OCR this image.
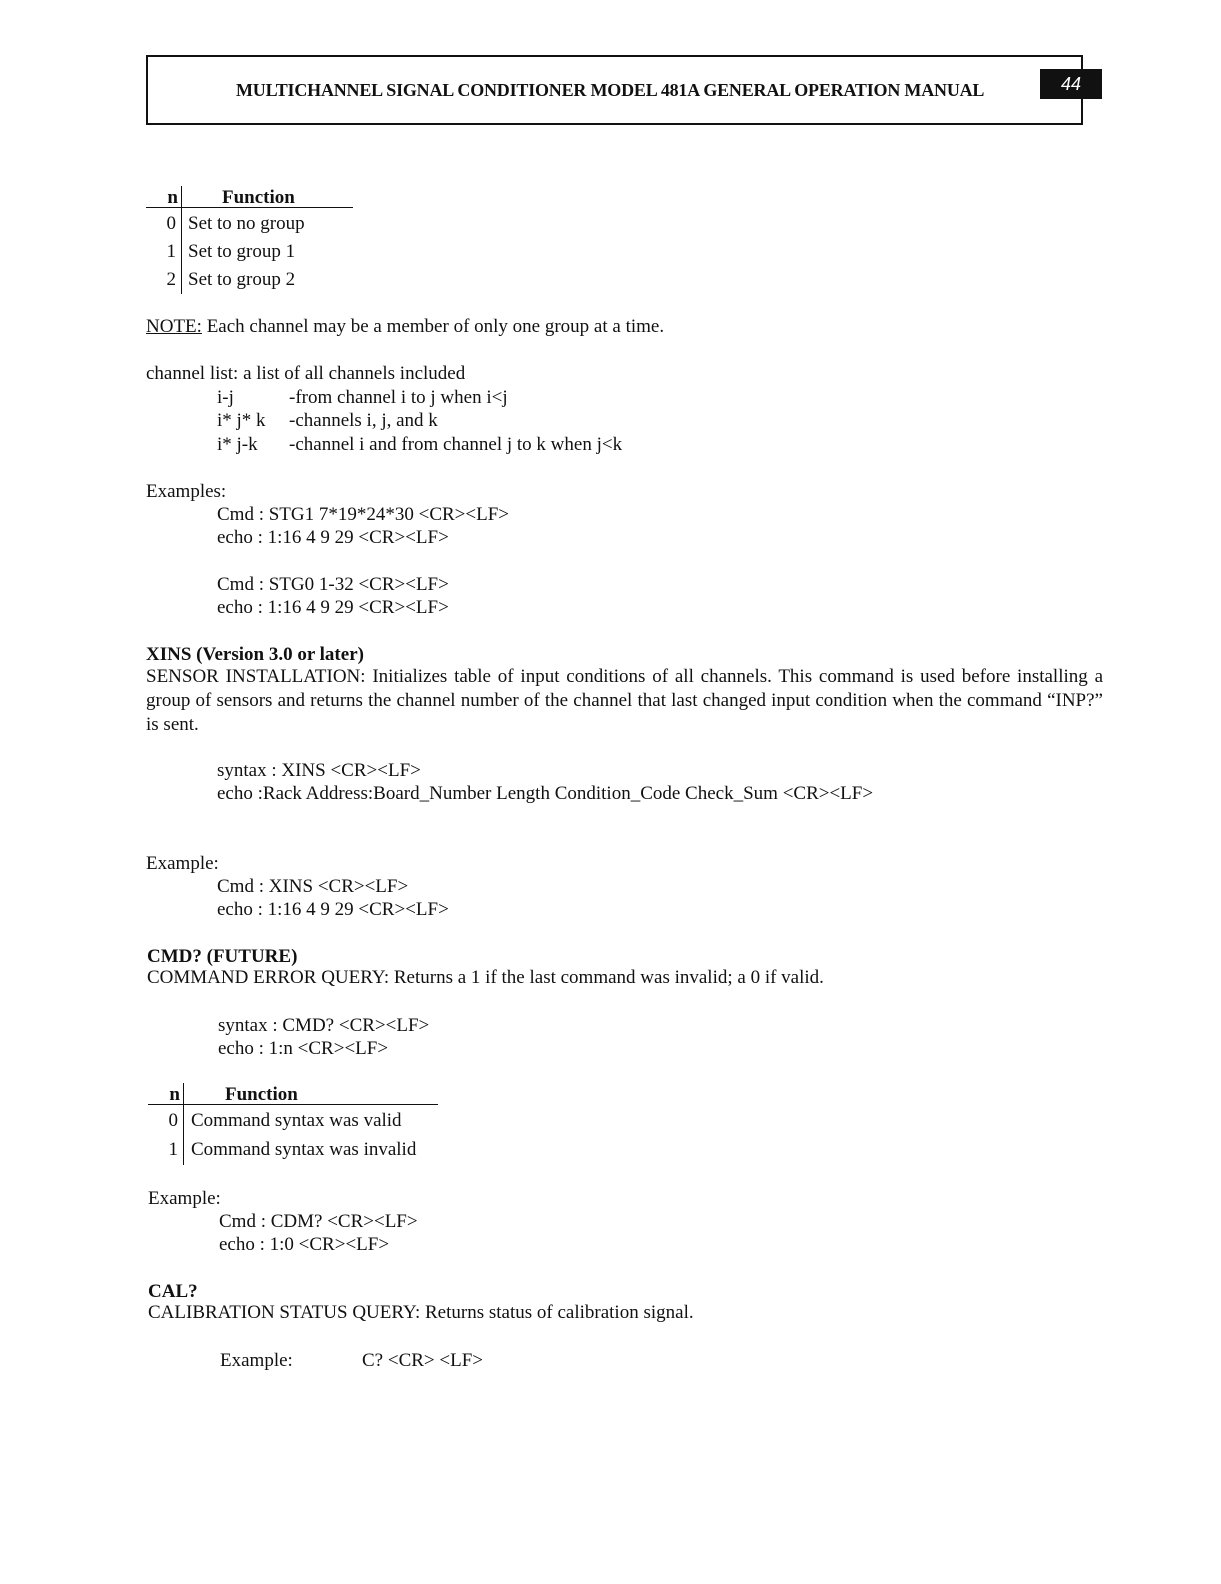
MULTICHANNEL SIGNAL CONDITIONER MODEL 481A GENERAL OPERATION MANUAL	44
n Function
0 Set to no group
1 Set to group 1
2 Set to group 2
NOTE: Each channel may be a member of only one group at a time.
channel list: a list of all channels included
i-j	-from channel i to j when i<j
i* j* k -channels i, j, and k
i* j-k -channel i and from channel j to k when j<k
Examples:
Cmd : STG1 7*19*24*30 <CR><LF>
echo : 1:16 4 9 29 <CR><LF>
Cmd : STG0 1-32 <CR><LF>
echo : 1:16 4 9 29 <CR><LF>
XINS (Version 3.0 or later)
SENSOR INSTALLATION: Initializes table of input conditions of all channels. This command is used before installing a group of sensors and returns the channel number of the channel that last changed input condition when the command “INP?” is sent.
syntax : XINS <CR><LF>
echo :Rack Address:Board_Number Length Condition_Code Check_Sum <CR><LF>
Example:
Cmd : XINS <CR><LF>
echo : 1:16 4 9 29 <CR><LF>
CMD? (FUTURE)
COMMAND ERROR QUERY: Returns a 1 if the last command was invalid; a 0 if valid.
syntax : CMD? <CR><LF>
echo : 1:n <CR><LF>
n Function
0 Command syntax was valid
1 Command syntax was invalid
Example:
Cmd : CDM? <CR><LF>
echo : 1:0 <CR><LF>
CAL?
CALIBRATION STATUS QUERY: Returns status of calibration signal.
Example:	C? <CR> <LF>
